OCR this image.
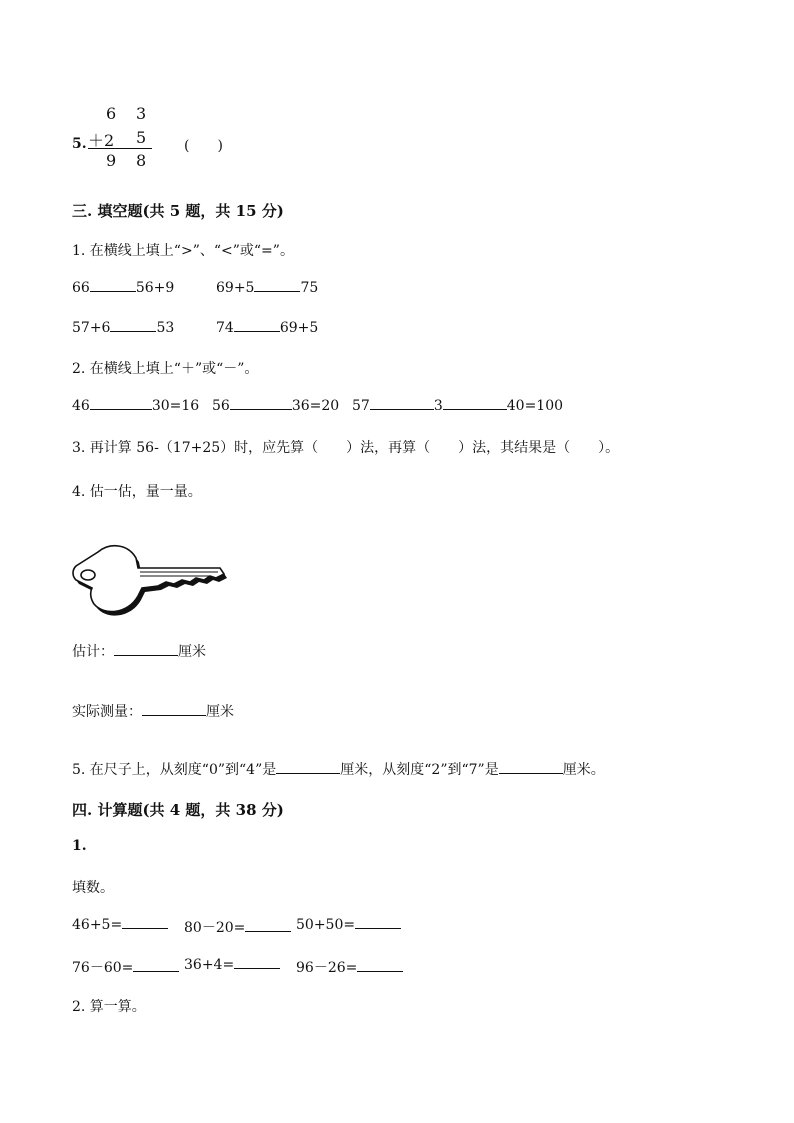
6 3
＋2 5
5.
9 8
(　　)
三. 填空题(共 5 题，共 15 分)
1. 在横线上填上“>”、“<”或“=”。
66	56+9	69+5	75
57+6	53	74	69+5
2. 在横线上填上“＋”或“－”。
46	30=16 56	36=20 57	3	40=100
3. 再计算 56-（17+25）时，应先算（　　）法，再算（　　）法，其结果是（　　）。
4. 估一估，量一量。
估计：	厘米
实际测量：	厘米
5. 在尺子上，从刻度“0”到“4”是	厘米，从刻度“2”到“7”是	厘米。
四. 计算题(共 4 题，共 38 分)
1.
填数。
46+5=	80－20=	50+50=
76－60=	36+4=	96－26=
2. 算一算。
